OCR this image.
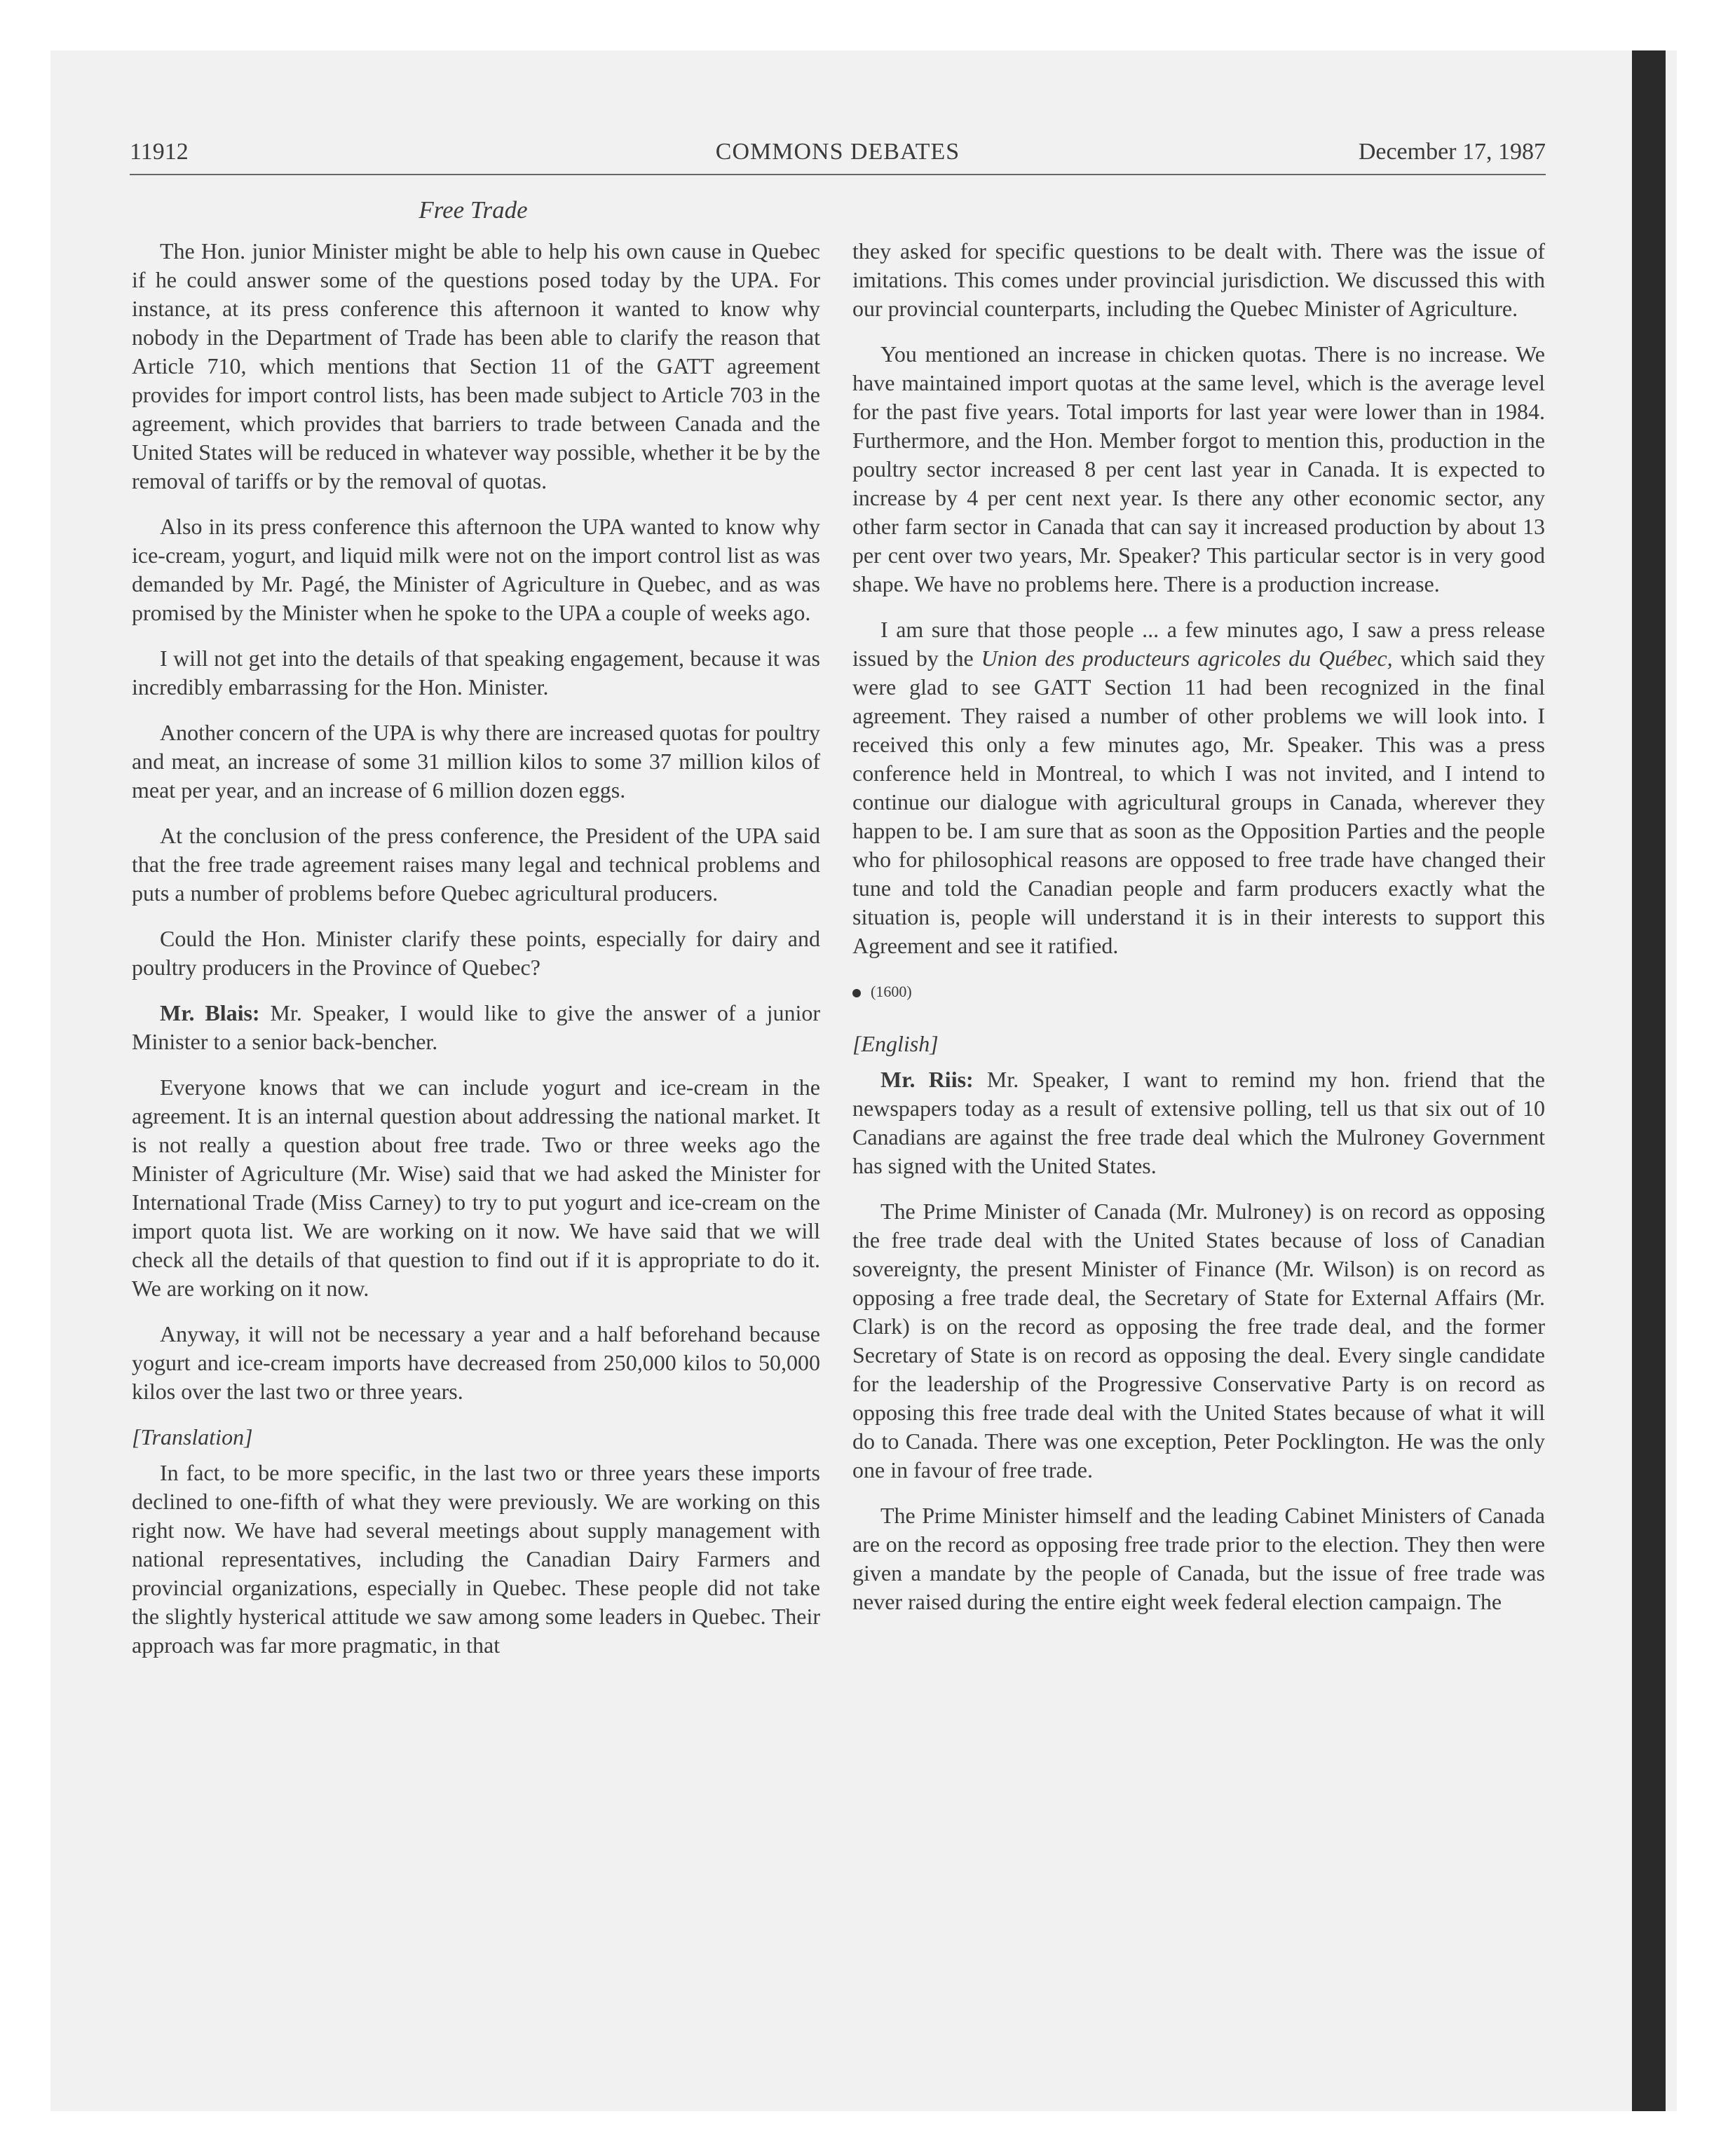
11912	COMMONS DEBATES	December 17, 1987
Free Trade

The Hon. junior Minister might be able to help his own cause in Quebec if he could answer some of the questions posed today by the UPA. For instance, at its press conference this afternoon it wanted to know why nobody in the Department of Trade has been able to clarify the reason that Article 710, which mentions that Section 11 of the GATT agreement provides for import control lists, has been made subject to Article 703 in the agreement, which provides that barriers to trade between Canada and the United States will be reduced in whatever way possible, whether it be by the removal of tariffs or by the removal of quotas.

Also in its press conference this afternoon the UPA wanted to know why ice-cream, yogurt, and liquid milk were not on the import control list as was demanded by Mr. Pagé, the Minister of Agriculture in Quebec, and as was promised by the Minister when he spoke to the UPA a couple of weeks ago.

I will not get into the details of that speaking engagement, because it was incredibly embarrassing for the Hon. Minister.

Another concern of the UPA is why there are increased quotas for poultry and meat, an increase of some 31 million kilos to some 37 million kilos of meat per year, and an increase of 6 million dozen eggs.

At the conclusion of the press conference, the President of the UPA said that the free trade agreement raises many legal and technical problems and puts a number of problems before Quebec agricultural producers.

Could the Hon. Minister clarify these points, especially for dairy and poultry producers in the Province of Quebec?

Mr. Blais: Mr. Speaker, I would like to give the answer of a junior Minister to a senior back-bencher.

Everyone knows that we can include yogurt and ice-cream in the agreement. It is an internal question about addressing the national market. It is not really a question about free trade. Two or three weeks ago the Minister of Agriculture (Mr. Wise) said that we had asked the Minister for International Trade (Miss Carney) to try to put yogurt and ice-cream on the import quota list. We are working on it now. We have said that we will check all the details of that question to find out if it is appropriate to do it. We are working on it now.

Anyway, it will not be necessary a year and a half beforehand because yogurt and ice-cream imports have decreased from 250,000 kilos to 50,000 kilos over the last two or three years.

[Translation]

In fact, to be more specific, in the last two or three years these imports declined to one-fifth of what they were previously. We are working on this right now. We have had several meetings about supply management with national representatives, including the Canadian Dairy Farmers and provincial organizations, especially in Quebec. These people did not take the slightly hysterical attitude we saw among some leaders in Quebec. Their approach was far more pragmatic, in that

they asked for specific questions to be dealt with. There was the issue of imitations. This comes under provincial jurisdiction. We discussed this with our provincial counterparts, including the Quebec Minister of Agriculture.

You mentioned an increase in chicken quotas. There is no increase. We have maintained import quotas at the same level, which is the average level for the past five years. Total imports for last year were lower than in 1984. Furthermore, and the Hon. Member forgot to mention this, production in the poultry sector increased 8 per cent last year in Canada. It is expected to increase by 4 per cent next year. Is there any other economic sector, any other farm sector in Canada that can say it increased production by about 13 per cent over two years, Mr. Speaker? This particular sector is in very good shape. We have no problems here. There is a production increase.

I am sure that those people ... a few minutes ago, I saw a press release issued by the Union des producteurs agricoles du Québec, which said they were glad to see GATT Section 11 had been recognized in the final agreement. They raised a number of other problems we will look into. I received this only a few minutes ago, Mr. Speaker. This was a press conference held in Montreal, to which I was not invited, and I intend to continue our dialogue with agricultural groups in Canada, wherever they happen to be. I am sure that as soon as the Opposition Parties and the people who for philosophical reasons are opposed to free trade have changed their tune and told the Canadian people and farm producers exactly what the situation is, people will understand it is in their interests to support this Agreement and see it ratified.

(1600)

[English]

Mr. Riis: Mr. Speaker, I want to remind my hon. friend that the newspapers today as a result of extensive polling, tell us that six out of 10 Canadians are against the free trade deal which the Mulroney Government has signed with the United States.

The Prime Minister of Canada (Mr. Mulroney) is on record as opposing the free trade deal with the United States because of loss of Canadian sovereignty, the present Minister of Finance (Mr. Wilson) is on record as opposing a free trade deal, the Secretary of State for External Affairs (Mr. Clark) is on the record as opposing the free trade deal, and the former Secretary of State is on record as opposing the deal. Every single candidate for the leadership of the Progressive Conservative Party is on record as opposing this free trade deal with the United States because of what it will do to Canada. There was one exception, Peter Pocklington. He was the only one in favour of free trade.

The Prime Minister himself and the leading Cabinet Ministers of Canada are on the record as opposing free trade prior to the election. They then were given a mandate by the people of Canada, but the issue of free trade was never raised during the entire eight week federal election campaign. The
